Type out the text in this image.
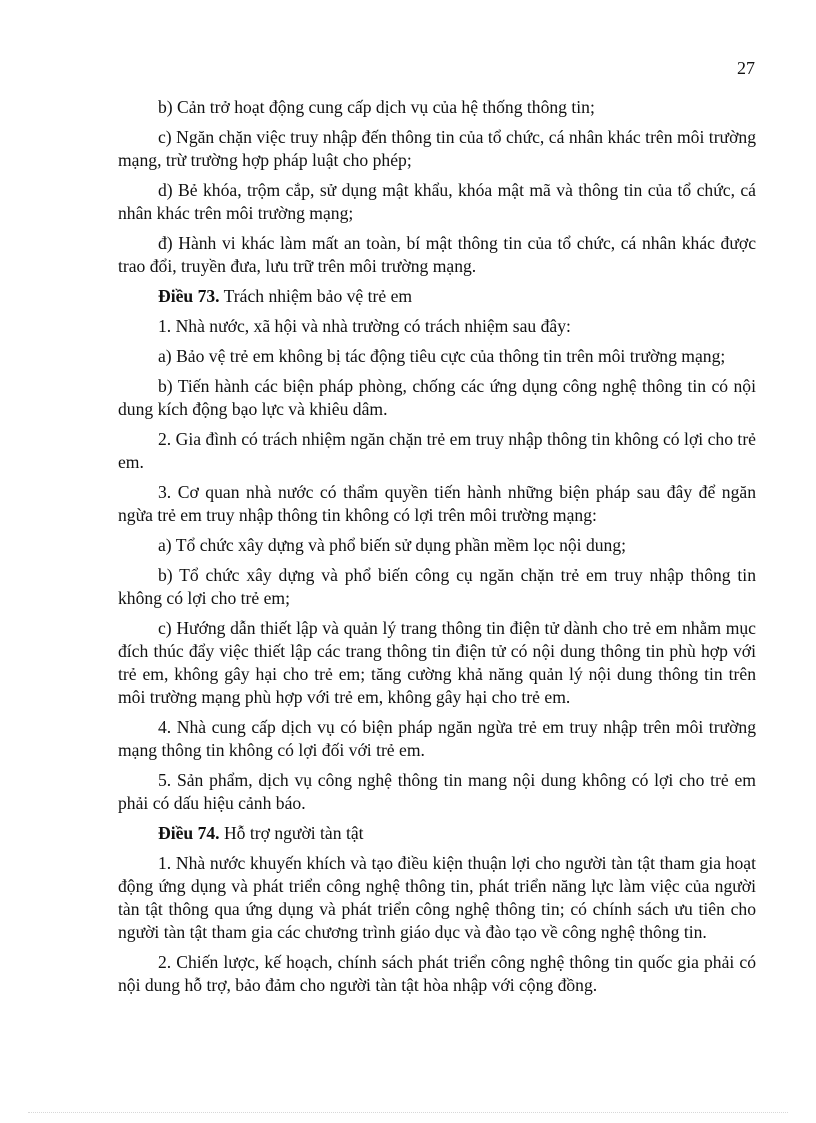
27

b) Cản trở hoạt động cung cấp dịch vụ của hệ thống thông tin;

c) Ngăn chặn việc truy nhập đến thông tin của tổ chức, cá nhân khác trên môi trường mạng, trừ trường hợp pháp luật cho phép;

d) Bẻ khóa, trộm cắp, sử dụng mật khẩu, khóa mật mã và thông tin của tổ chức, cá nhân khác trên môi trường mạng;

đ) Hành vi khác làm mất an toàn, bí mật thông tin của tổ chức, cá nhân khác được trao đổi, truyền đưa, lưu trữ trên môi trường mạng.

Điều 73. Trách nhiệm bảo vệ trẻ em

1. Nhà nước, xã hội và nhà trường có trách nhiệm sau đây:

a) Bảo vệ trẻ em không bị tác động tiêu cực của thông tin trên môi trường mạng;

b) Tiến hành các biện pháp phòng, chống các ứng dụng công nghệ thông tin có nội dung kích động bạo lực và khiêu dâm.

2. Gia đình có trách nhiệm ngăn chặn trẻ em truy nhập thông tin không có lợi cho trẻ em.

3. Cơ quan nhà nước có thẩm quyền tiến hành những biện pháp sau đây để ngăn ngừa trẻ em truy nhập thông tin không có lợi trên môi trường mạng:

a) Tổ chức xây dựng và phổ biến sử dụng phần mềm lọc nội dung;

b) Tổ chức xây dựng và phổ biến công cụ ngăn chặn trẻ em truy nhập thông tin không có lợi cho trẻ em;

c) Hướng dẫn thiết lập và quản lý trang thông tin điện tử dành cho trẻ em nhằm mục đích thúc đẩy việc thiết lập các trang thông tin điện tử có nội dung thông tin phù hợp với trẻ em, không gây hại cho trẻ em; tăng cường khả năng quản lý nội dung thông tin trên môi trường mạng phù hợp với trẻ em, không gây hại cho trẻ em.

4. Nhà cung cấp dịch vụ có biện pháp ngăn ngừa trẻ em truy nhập trên môi trường mạng thông tin không có lợi đối với trẻ em.

5. Sản phẩm, dịch vụ công nghệ thông tin mang nội dung không có lợi cho trẻ em phải có dấu hiệu cảnh báo.

Điều 74. Hỗ trợ người tàn tật

1. Nhà nước khuyến khích và tạo điều kiện thuận lợi cho người tàn tật tham gia hoạt động ứng dụng và phát triển công nghệ thông tin, phát triển năng lực làm việc của người tàn tật thông qua ứng dụng và phát triển công nghệ thông tin; có chính sách ưu tiên cho người tàn tật tham gia các chương trình giáo dục và đào tạo về công nghệ thông tin.

2. Chiến lược, kế hoạch, chính sách phát triển công nghệ thông tin quốc gia phải có nội dung hỗ trợ, bảo đảm cho người tàn tật hòa nhập với cộng đồng.
